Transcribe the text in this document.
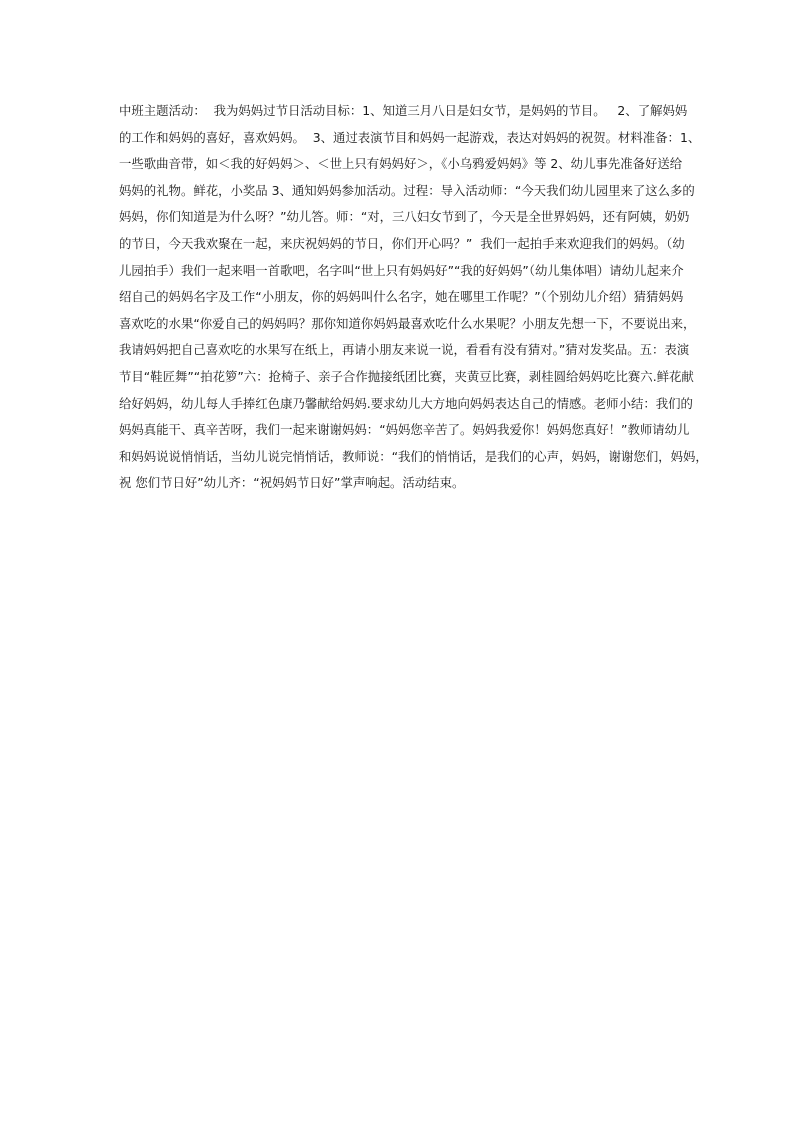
中班主题活动：  我为妈妈过节日活动目标：1、知道三月八日是妇女节，是妈妈的节目。   2、了解妈妈
的工作和妈妈的喜好，喜欢妈妈。  3、通过表演节目和妈妈一起游戏，表达对妈妈的祝贺。材料准备：1、
一些歌曲音带，如＜我的好妈妈＞、＜世上只有妈妈好＞，《小乌鸦爱妈妈》等 2、幼儿事先准备好送给
妈妈的礼物。鲜花，小奖品 3、通知妈妈参加活动。过程：导入活动师：“今天我们幼儿园里来了这么多的
妈妈，你们知道是为什么呀？”幼儿答。师：“对，三八妇女节到了，今天是全世界妈妈，还有阿姨，奶奶
的节日，今天我欢聚在一起，来庆祝妈妈的节日，你们开心吗？”  我们一起拍手来欢迎我们的妈妈。（幼
儿园拍手）我们一起来唱一首歌吧，名字叫“世上只有妈妈好”“我的好妈妈”（幼儿集体唱）请幼儿起来介
绍自己的妈妈名字及工作“小朋友，你的妈妈叫什么名字，她在哪里工作呢？”（个别幼儿介绍）猜猜妈妈
喜欢吃的水果“你爱自己的妈妈吗？那你知道你妈妈最喜欢吃什么水果呢？小朋友先想一下，不要说出来，
我请妈妈把自己喜欢吃的水果写在纸上，再请小朋友来说一说，看看有没有猜对。”猜对发奖品。五：表演
节目“鞋匠舞”“拍花箩”六：抢椅子、亲子合作抛接纸团比赛，夹黄豆比赛，剥桂圆给妈妈吃比赛六.鲜花献
给好妈妈，幼儿每人手捧红色康乃馨献给妈妈.要求幼儿大方地向妈妈表达自己的情感。老师小结：我们的
妈妈真能干、真辛苦呀，我们一起来谢谢妈妈：“妈妈您辛苦了。妈妈我爱你！妈妈您真好！”教师请幼儿
和妈妈说说悄悄话，当幼儿说完悄悄话，教师说：“我们的悄悄话，是我们的心声，妈妈，谢谢您们，妈妈，
祝 您们节日好”幼儿齐：“祝妈妈节日好”掌声响起。活动结束。
